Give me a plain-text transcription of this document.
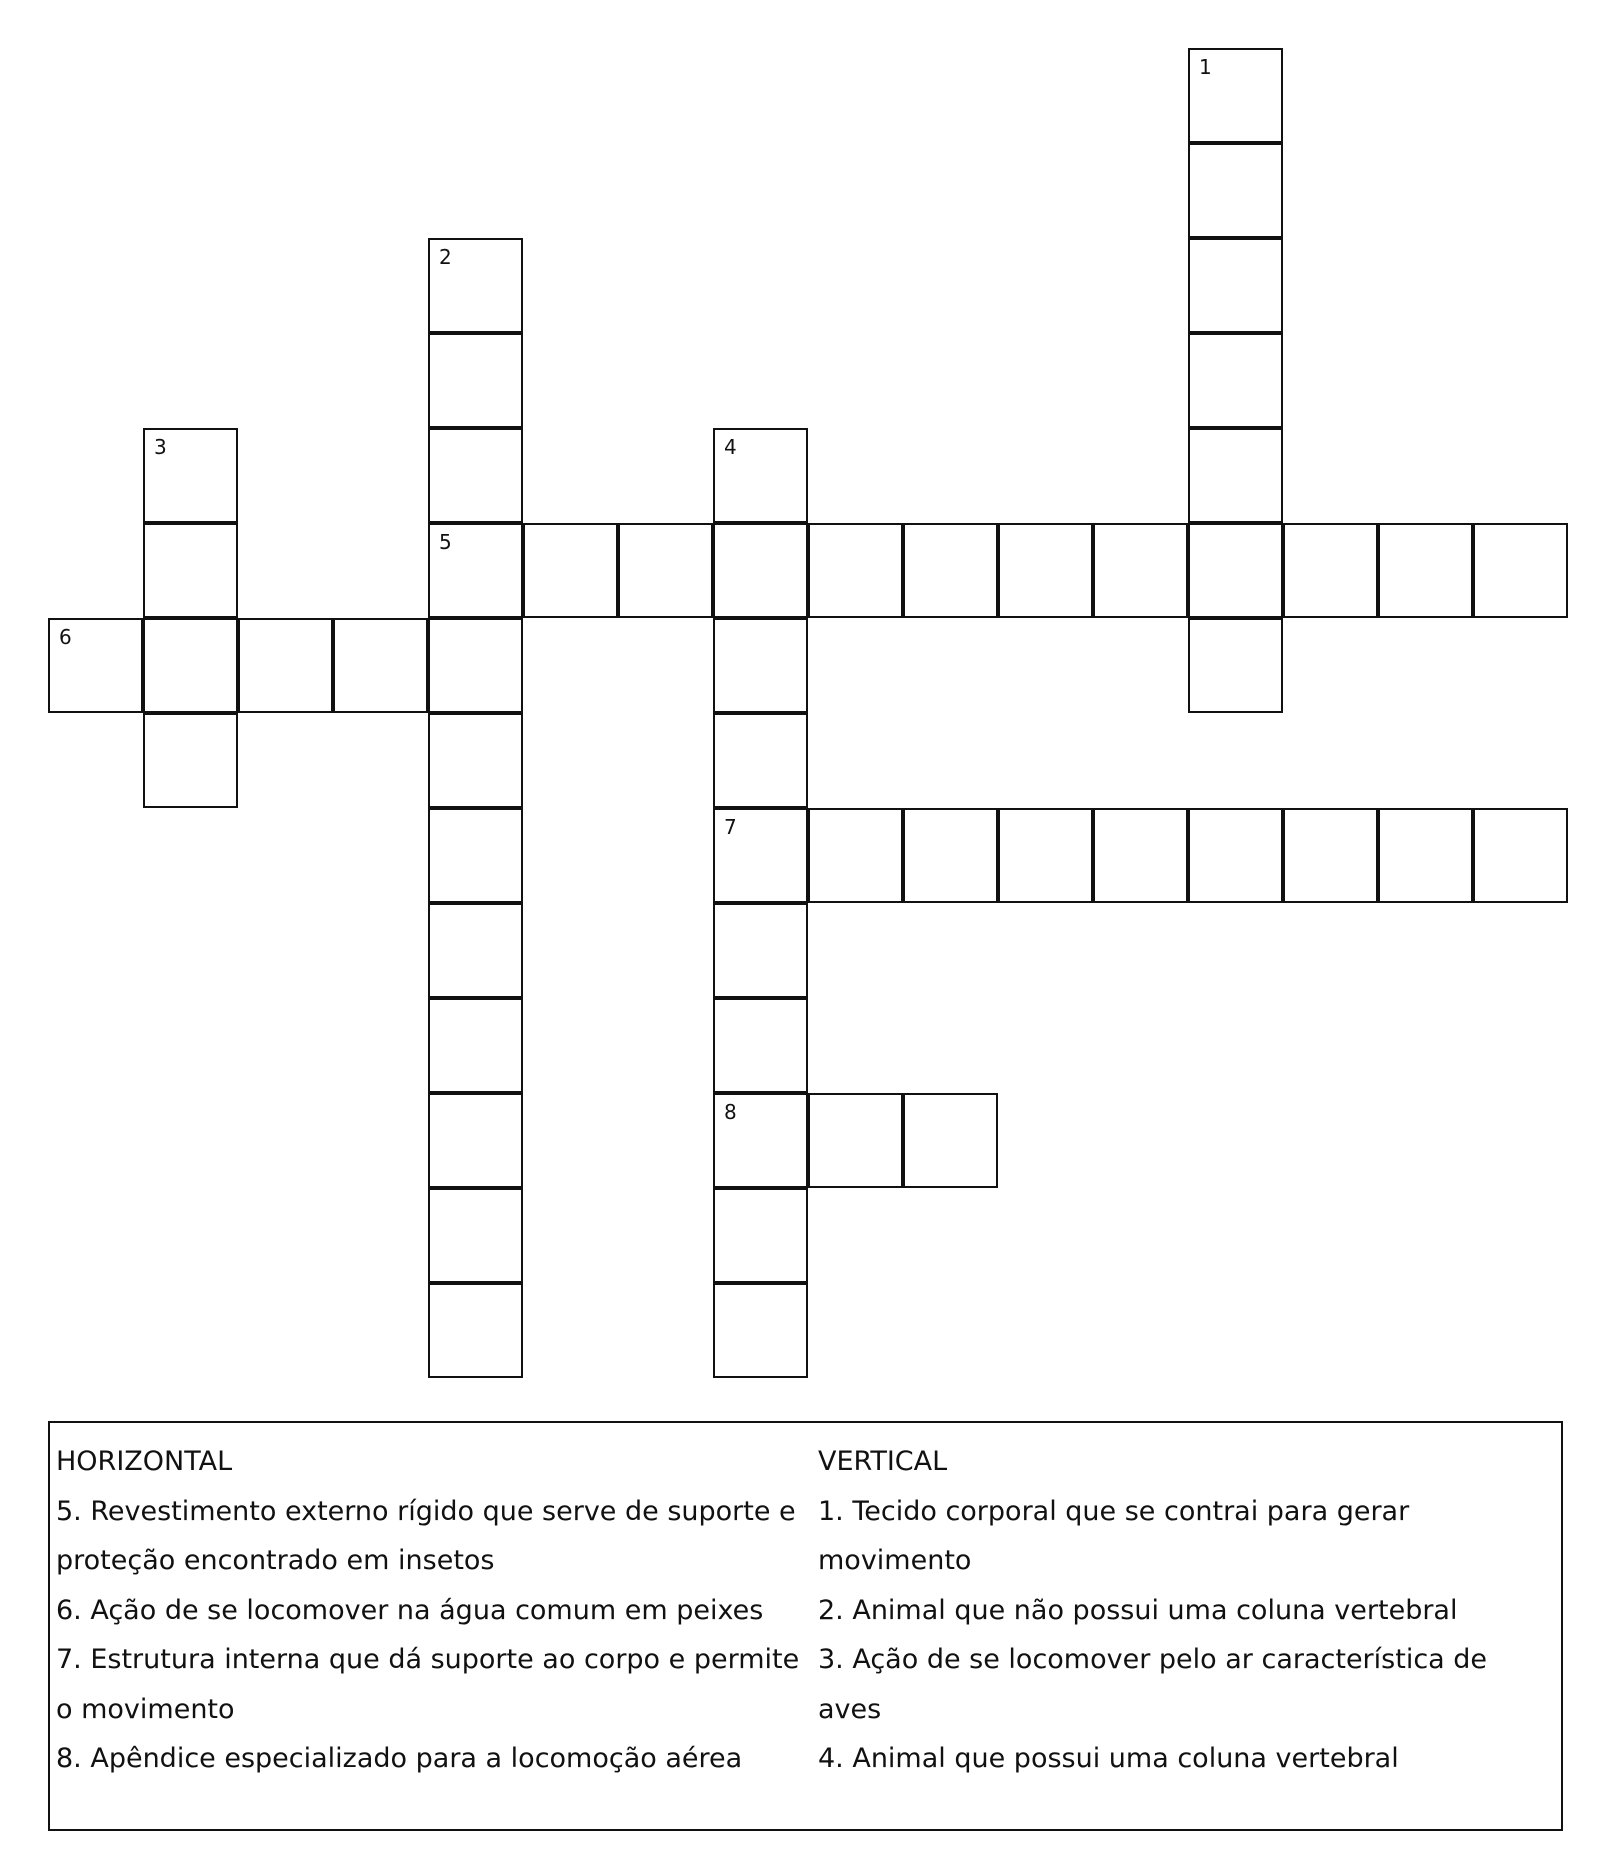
1
2
5
3	4
7
8
6
HORIZONTAL
5. Revestimento externo rígido que serve de suporte e proteção encontrado em insetos
6. Ação de se locomover na água comum em peixes
7. Estrutura interna que dá suporte ao corpo e permite o movimento
8. Apêndice especializado para a locomoção aérea
VERTICAL
1. Tecido corporal que se contrai para gerar movimento
2. Animal que não possui uma coluna vertebral
3. Ação de se locomover pelo ar característica de aves
4. Animal que possui uma coluna vertebral
